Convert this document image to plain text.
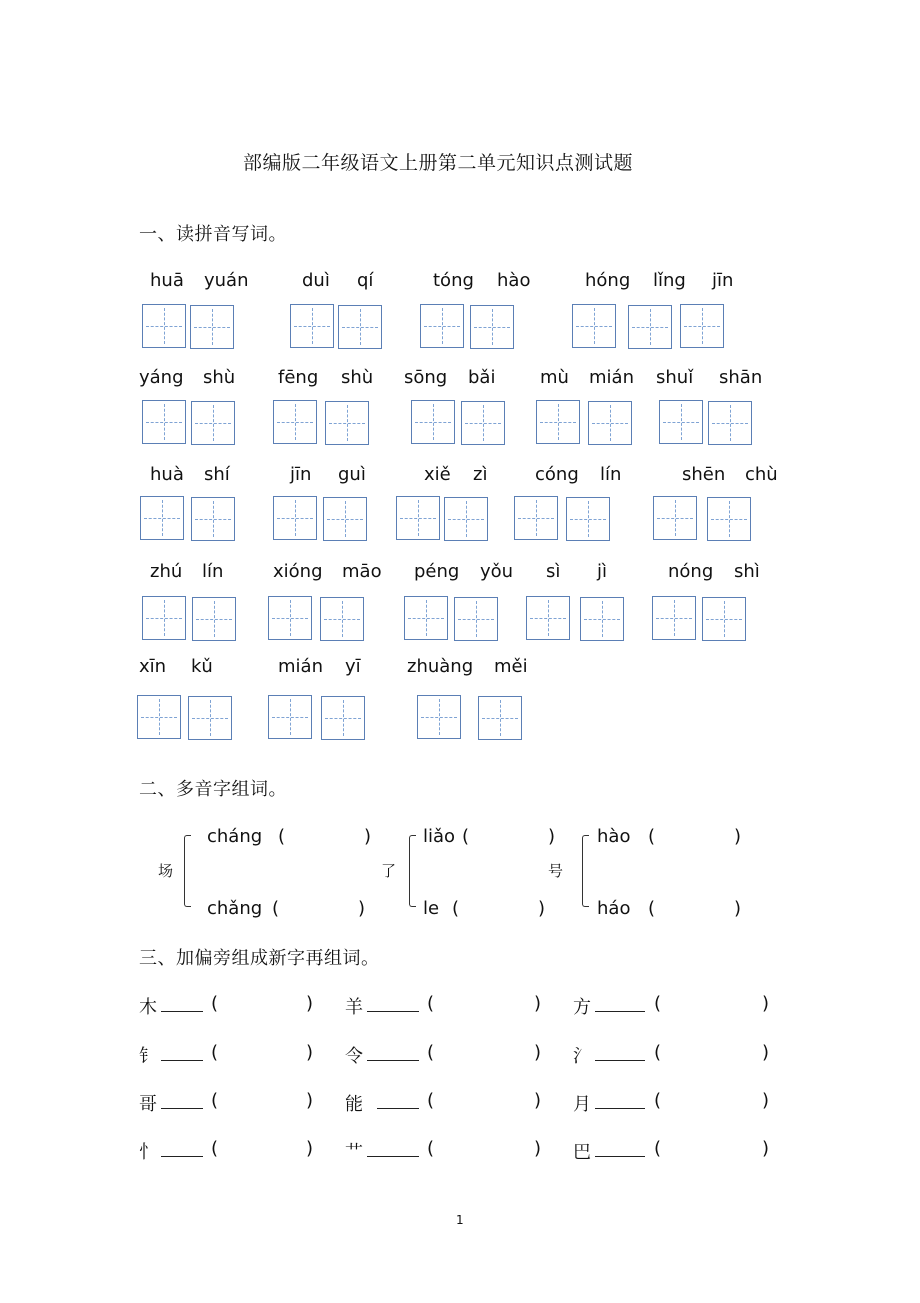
部编版二年级语文上册第二单元知识点测试题
一、读拼音写词。
huā yuán	duì qí	tóng hào	hóng lǐng jīn
yáng shù fēng shù sōng bǎi mù mián shuǐ shān
huà shí	jīn guì	xiě zì	cóng lín	shēn chù
zhú lín	xióng māo péng yǒu sì jì	nóng shì
xīn kǔ	mián yī	zhuàng měi
二、多音字组词。
场
cháng (	)
chǎng (	)
了
liǎo (	)
le (	)
号
hào (	)
háo (	)
三、加偏旁组成新字再组词。
木	(	) 羊	(	) 方	(	)
钅	(	) 令	(	) 氵	(	)
哥	(	) 能	(	) 月	(	)
忄	(	) 艹	(	) 巴	(	)
1
